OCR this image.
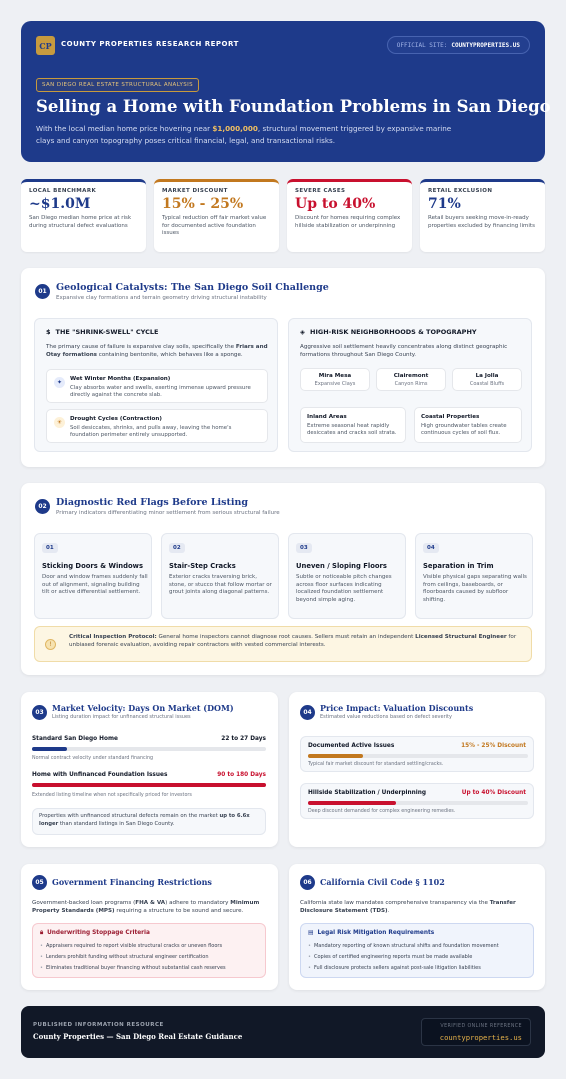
CP	COUNTY PROPERTIES RESEARCH REPORT	OFFICIAL SITE: COUNTYPROPERTIES.US
SAN DIEGO REAL ESTATE STRUCTURAL ANALYSIS
Selling a Home with Foundation Problems in San Diego
With the local median home price hovering near $1,000,000, structural movement triggered by expansive marine clays and canyon topography poses critical financial, legal, and transactional risks.
LOCAL BENCHMARK
~$1.0M
San Diego median home price at risk during structural defect evaluations
MARKET DISCOUNT
15% - 25%
Typical reduction off fair market value for documented active foundation issues
SEVERE CASES
Up to 40%
Discount for homes requiring complex hillside stabilization or underpinning
RETAIL EXCLUSION
71%
Retail buyers seeking move-in-ready properties excluded by financing limits
01 Geological Catalysts: The San Diego Soil Challenge
Expansive clay formations and terrain geometry driving structural instability
$ THE "SHRINK-SWELL" CYCLE
The primary cause of failure is expansive clay soils, specifically the Friars and Otay formations containing bentonite, which behaves like a sponge.
✦	Wet Winter Months (Expansion)
Clay absorbs water and swells, exerting immense upward pressure directly against the concrete slab.
☀	Drought Cycles (Contraction)
Soil desiccates, shrinks, and pulls away, leaving the home's foundation perimeter entirely unsupported.
◈ HIGH-RISK NEIGHBORHOODS & TOPOGRAPHY
Aggressive soil settlement heavily concentrates along distinct geographic formations throughout San Diego County.
Mira Mesa
Expansive Clays
Clairemont
Canyon Rims
La Jolla
Coastal Bluffs
Inland Areas
Extreme seasonal heat rapidly desiccates and cracks soil strata.
Coastal Properties
High groundwater tables create continuous cycles of soil flux.
02 Diagnostic Red Flags Before Listing
Primary indicators differentiating minor settlement from serious structural failure
!
Critical Inspection Protocol: General home inspectors cannot diagnose root causes. Sellers must retain an independent Licensed Structural Engineer for unbiased forensic evaluation, avoiding repair contractors with vested commercial interests.
01
Sticking Doors & Windows
Door and window frames suddenly fall out of alignment, signaling building tilt or active differential settlement.
02
Stair-Step Cracks
Exterior cracks traversing brick, stone, or stucco that follow mortar or grout joints along diagonal patterns.
03
Uneven / Sloping Floors
Subtle or noticeable pitch changes across floor surfaces indicating localized foundation settlement beyond simple aging.
04
Separation in Trim
Visible physical gaps separating walls from ceilings, baseboards, or floorboards caused by subfloor shifting.
03	Market Velocity: Days On Market (DOM)
Listing duration impact for unfinanced structural issues
Standard San Diego Home	22 to 27 Days
Normal contract velocity under standard financing
Home with Unfinanced Foundation Issues	90 to 180 Days
Extended listing timeline when not specifically priced for investors
Properties with unfinanced structural defects remain on the market up to 6.6x longer than standard listings in San Diego County.
04	Price Impact: Valuation Discounts
Estimated value reductions based on defect severity
Documented Active Issues	15% - 25% Discount
Typical fair market discount for standard settling/cracks.
Hillside Stabilization / Underpinning	Up to 40% Discount
Deep discount demanded for complex engineering remedies.
05	Government Financing Restrictions
Government-backed loan programs (FHA & VA) adhere to mandatory Minimum Property Standards (MPS) requiring a structure to be sound and secure.
🔒︎ Underwriting Stoppage Criteria
• Appraisers required to report visible structural cracks or uneven floors
• Lenders prohibit funding without structural engineer certification
• Eliminates traditional buyer financing without substantial cash reserves
06	California Civil Code § 1102
California state law mandates comprehensive transparency via the Transfer Disclosure Statement (TDS).
▤ Legal Risk Mitigation Requirements
• Mandatory reporting of known structural shifts and foundation movement
• Copies of certified engineering reports must be made available
• Full disclosure protects sellers against post-sale litigation liabilities
PUBLISHED INFORMATION RESOURCE
County Properties — San Diego Real Estate Guidance
VERIFIED ONLINE REFERENCE
countyproperties.us
